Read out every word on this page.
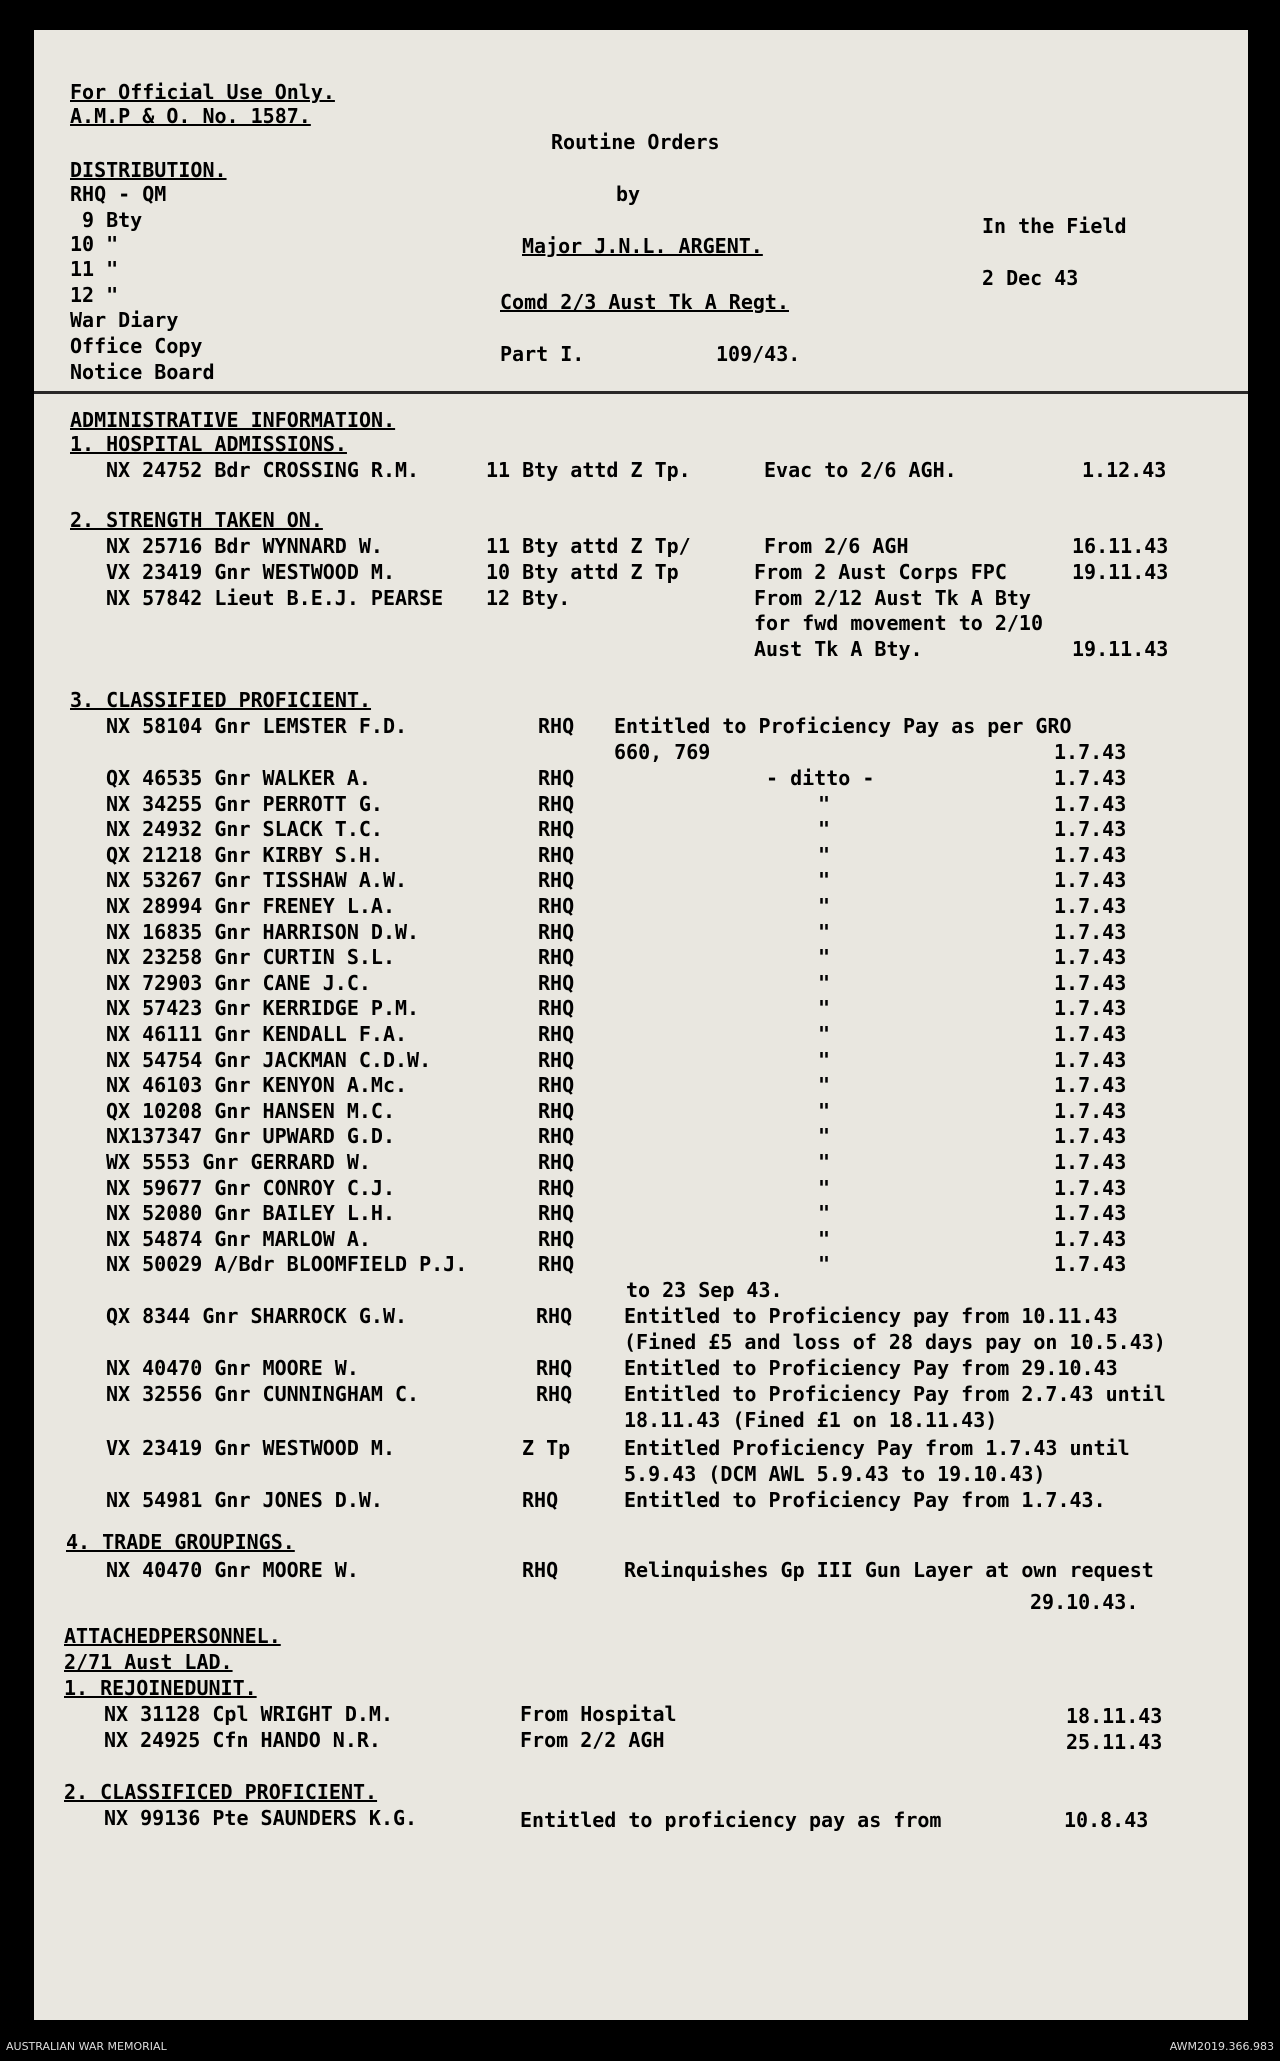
For Official Use Only.
A.M.P & O. No. 1587.
DISTRIBUTION.
RHQ - QM
9 Bty
10 "
11 "
12 "
War Diary
Office Copy
Notice Board
Routine Orders
by
Major J.N.L. ARGENT.
Comd 2/3 Aust Tk A Regt.
Part I.	109/43.
In the Field
2 Dec 43
ADMINISTRATIVE INFORMATION.
1. HOSPITAL ADMISSIONS.
NX 24752 Bdr CROSSING R.M.	11 Bty attd Z Tp.	Evac to 2/6 AGH.	1.12.43
2. STRENGTH TAKEN ON.
NX 25716 Bdr WYNNARD W.	11 Bty attd Z Tp/	From 2/6 AGH	16.11.43
VX 23419 Gnr WESTWOOD M.	10 Bty attd Z Tp	From 2 Aust Corps FPC	19.11.43
NX 57842 Lieut B.E.J. PEARSE 12 Bty.	From 2/12 Aust Tk A Bty
for fwd movement to 2/10
Aust Tk A Bty.	19.11.43
3. CLASSIFIED PROFICIENT.
NX 58104 Gnr LEMSTER F.D.	RHQ Entitled to Proficiency Pay as per GRO
660, 769	1.7.43
QX 46535 Gnr WALKER A.	RHQ	- ditto -	1.7.43
NX 34255 Gnr PERROTT G.	RHQ	"	1.7.43
NX 24932 Gnr SLACK T.C.	RHQ	"	1.7.43
QX 21218 Gnr KIRBY S.H.	RHQ	"	1.7.43
NX 53267 Gnr TISSHAW A.W.	RHQ	"	1.7.43
NX 28994 Gnr FRENEY L.A.	RHQ	"	1.7.43
NX 16835 Gnr HARRISON D.W.	RHQ	"	1.7.43
NX 23258 Gnr CURTIN S.L.	RHQ	"	1.7.43
NX 72903 Gnr CANE J.C.	RHQ	"	1.7.43
NX 57423 Gnr KERRIDGE P.M.	RHQ	"	1.7.43
NX 46111 Gnr KENDALL F.A.	RHQ	"	1.7.43
NX 54754 Gnr JACKMAN C.D.W.	RHQ	"	1.7.43
NX 46103 Gnr KENYON A.Mc.	RHQ	"	1.7.43
QX 10208 Gnr HANSEN M.C.	RHQ	"	1.7.43
NX137347 Gnr UPWARD G.D.	RHQ	"	1.7.43
WX 5553 Gnr GERRARD W.	RHQ	"	1.7.43
NX 59677 Gnr CONROY C.J.	RHQ	"	1.7.43
NX 52080 Gnr BAILEY L.H.	RHQ	"	1.7.43
NX 54874 Gnr MARLOW A.	RHQ	"	1.7.43
NX 50029 A/Bdr BLOOMFIELD P.J.	RHQ	"	1.7.43
to 23 Sep 43.
QX 8344 Gnr SHARROCK G.W.	RHQ	Entitled to Proficiency pay from 10.11.43
(Fined £5 and loss of 28 days pay on 10.5.43)
NX 40470 Gnr MOORE W.	RHQ	Entitled to Proficiency Pay from 29.10.43
NX 32556 Gnr CUNNINGHAM C.	RHQ	Entitled to Proficiency Pay from 2.7.43 until
18.11.43 (Fined £1 on 18.11.43)
VX 23419 Gnr WESTWOOD M.	Z Tp	Entitled Proficiency Pay from 1.7.43 until
5.9.43 (DCM AWL 5.9.43 to 19.10.43)
NX 54981 Gnr JONES D.W.	RHQ	Entitled to Proficiency Pay from 1.7.43.
4. TRADE GROUPINGS.
NX 40470 Gnr MOORE W.	RHQ	Relinquishes Gp III Gun Layer at own request
29.10.43.
ATTACHEDPERSONNEL.
2/71 Aust LAD.
1. REJOINEDUNIT.
NX 31128 Cpl WRIGHT D.M.	From Hospital	18.11.43
NX 24925 Cfn HANDO N.R.	From 2/2 AGH	25.11.43
2. CLASSIFICED PROFICIENT.
NX 99136 Pte SAUNDERS K.G.	Entitled to proficiency pay as from	10.8.43
AUSTRALIAN WAR MEMORIAL	AWM2019.366.983
